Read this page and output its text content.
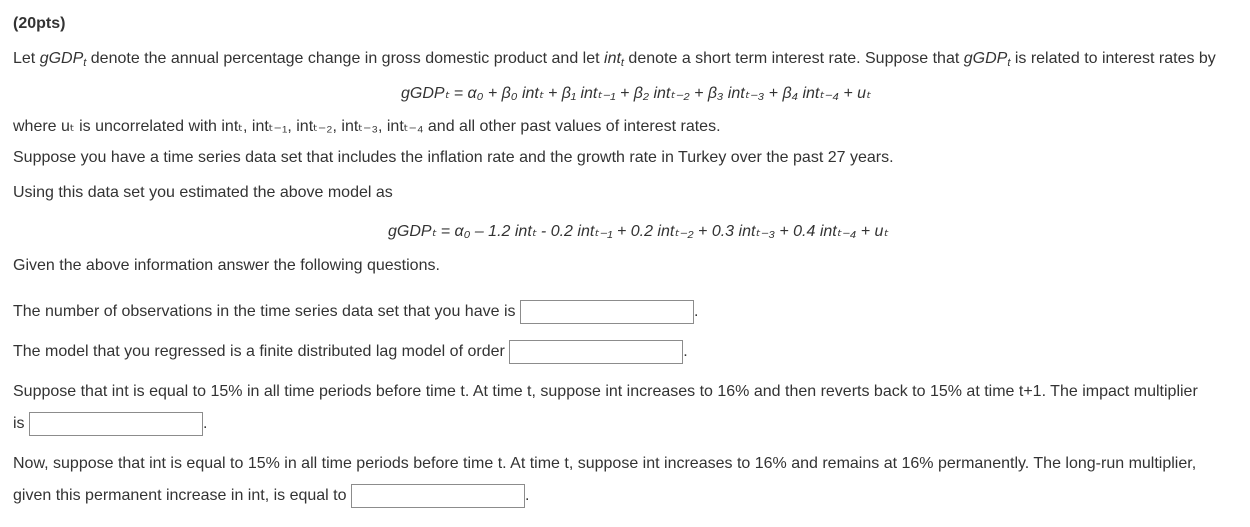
(20pts)
Let gGDP$_t$ denote the annual percentage change in gross domestic product and let int$_t$ denote a short term interest rate. Suppose that gGDP$_t$ is related to interest rates by
gGDPₜ = α₀ + β₀ intₜ + β₁ intₜ₋₁ + β₂ intₜ₋₂ + β₃ intₜ₋₃ + β₄ intₜ₋₄ + uₜ
where uₜ is uncorrelated with intₜ, intₜ₋₁, intₜ₋₂, intₜ₋₃, intₜ₋₄ and all other past values of interest rates.
Suppose you have a time series data set that includes the inflation rate and the growth rate in Turkey over the past 27 years.
Using this data set you estimated the above model as
gGDPₜ = α₀ – 1.2 intₜ - 0.2 intₜ₋₁ + 0.2 intₜ₋₂ + 0.3 intₜ₋₃ + 0.4 intₜ₋₄ + uₜ
Given the above information answer the following questions.
The number of observations in the time series data set that you have is	.
The model that you regressed is a finite distributed lag model of order	.
Suppose that int is equal to 15% in all time periods before time t. At time t, suppose int increases to 16% and then reverts back to 15% at time t+1. The impact multiplier is	.
Now, suppose that int is equal to 15% in all time periods before time t. At time t, suppose int increases to 16% and remains at 16% permanently. The long-run multiplier, given this permanent increase in int, is equal to	.
